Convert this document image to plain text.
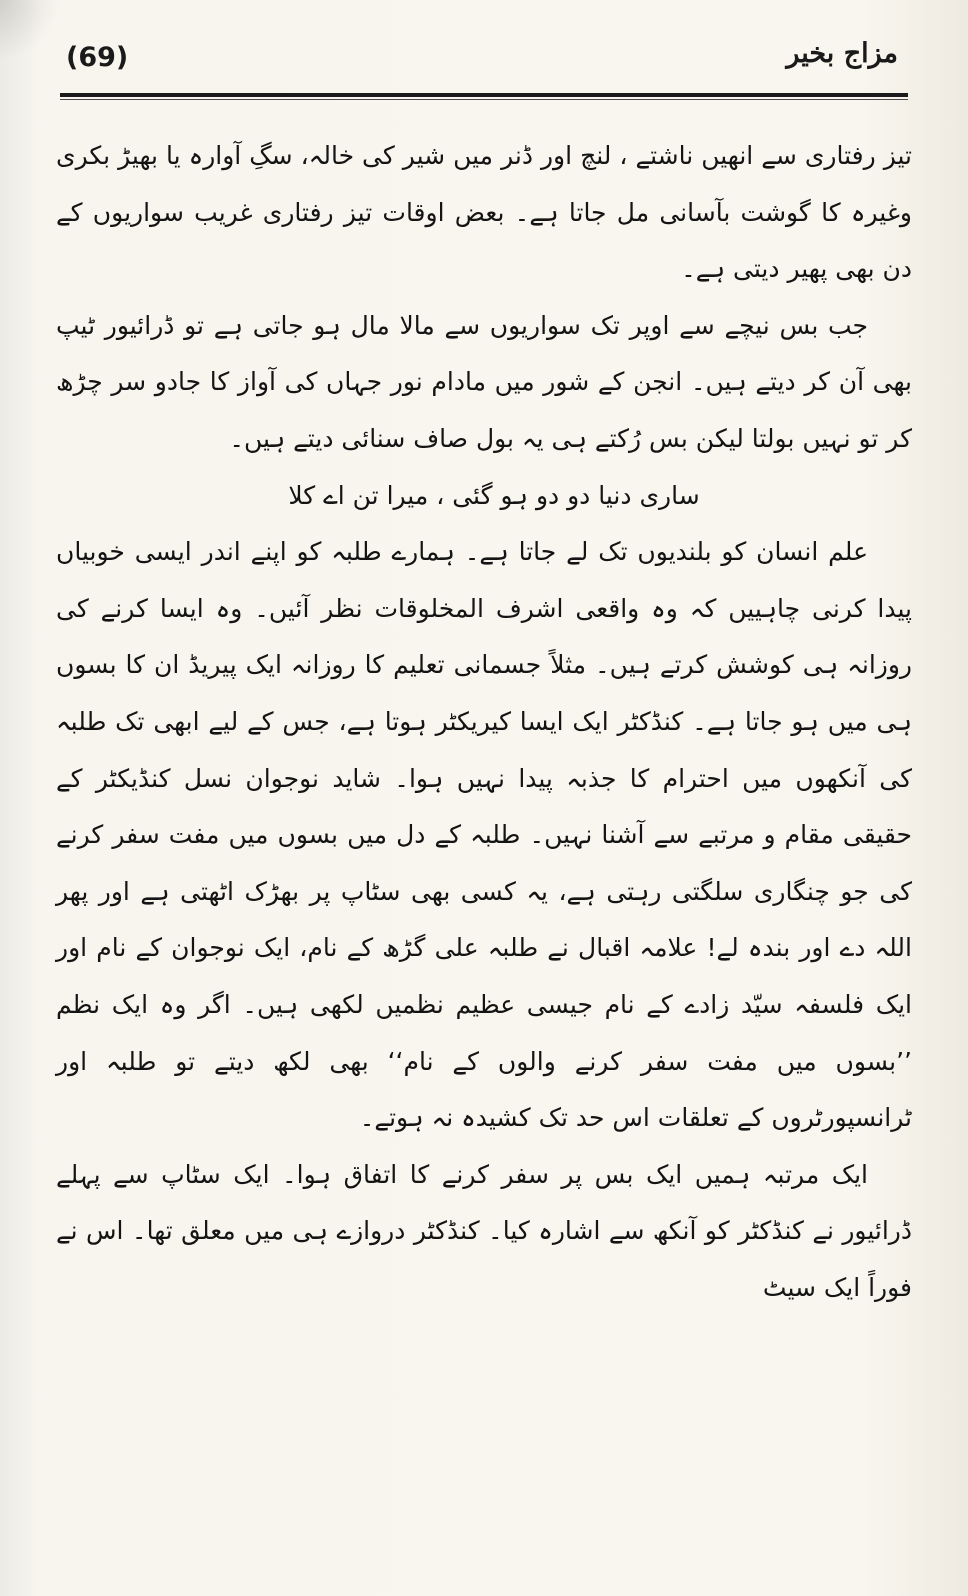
(69)	مزاج بخیر

تیز رفتاری سے انھیں ناشتے ، لنچ اور ڈنر میں شیر کی خالہ، سگِ آوارہ یا بھیڑ بکری وغیرہ کا گوشت بآسانی مل جاتا ہے۔ بعض اوقات تیز رفتاری غریب سواریوں کے دن بھی پھیر دیتی ہے۔

جب بس نیچے سے اوپر تک سواریوں سے مالا مال ہو جاتی ہے تو ڈرائیور ٹیپ بھی آن کر دیتے ہیں۔ انجن کے شور میں مادام نور جہاں کی آواز کا جادو سر چڑھ کر تو نہیں بولتا لیکن بس رُکتے ہی یہ بول صاف سنائی دیتے ہیں۔

ساری دنیا دو دو ہو گئی ، میرا تن اے کلا

علم انسان کو بلندیوں تک لے جاتا ہے۔ ہمارے طلبہ کو اپنے اندر ایسی خوبیاں پیدا کرنی چاہییں کہ وہ واقعی اشرف المخلوقات نظر آئیں۔ وہ ایسا کرنے کی روزانہ ہی کوشش کرتے ہیں۔ مثلاً جسمانی تعلیم کا روزانہ ایک پیریڈ ان کا بسوں ہی میں ہو جاتا ہے۔ کنڈکٹر ایک ایسا کیریکٹر ہوتا ہے، جس کے لیے ابھی تک طلبہ کی آنکھوں میں احترام کا جذبہ پیدا نہیں ہوا۔ شاید نوجوان نسل کنڈیکٹر کے حقیقی مقام و مرتبے سے آشنا نہیں۔ طلبہ کے دل میں بسوں میں مفت سفر کرنے کی جو چنگاری سلگتی رہتی ہے، یہ کسی بھی سٹاپ پر بھڑک اٹھتی ہے اور پھر اللہ دے اور بندہ لے! علامہ اقبال نے طلبہ علی گڑھ کے نام، ایک نوجوان کے نام اور ایک فلسفہ سیّد زادے کے نام جیسی عظیم نظمیں لکھی ہیں۔ اگر وہ ایک نظم ’’بسوں میں مفت سفر کرنے والوں کے نام‘‘ بھی لکھ دیتے تو طلبہ اور ٹرانسپورٹروں کے تعلقات اس حد تک کشیدہ نہ ہوتے۔

ایک مرتبہ ہمیں ایک بس پر سفر کرنے کا اتفاق ہوا۔ ایک سٹاپ سے پہلے ڈرائیور نے کنڈکٹر کو آنکھ سے اشارہ کیا۔ کنڈکٹر دروازے ہی میں معلق تھا۔ اس نے فوراً ایک سیٹ
